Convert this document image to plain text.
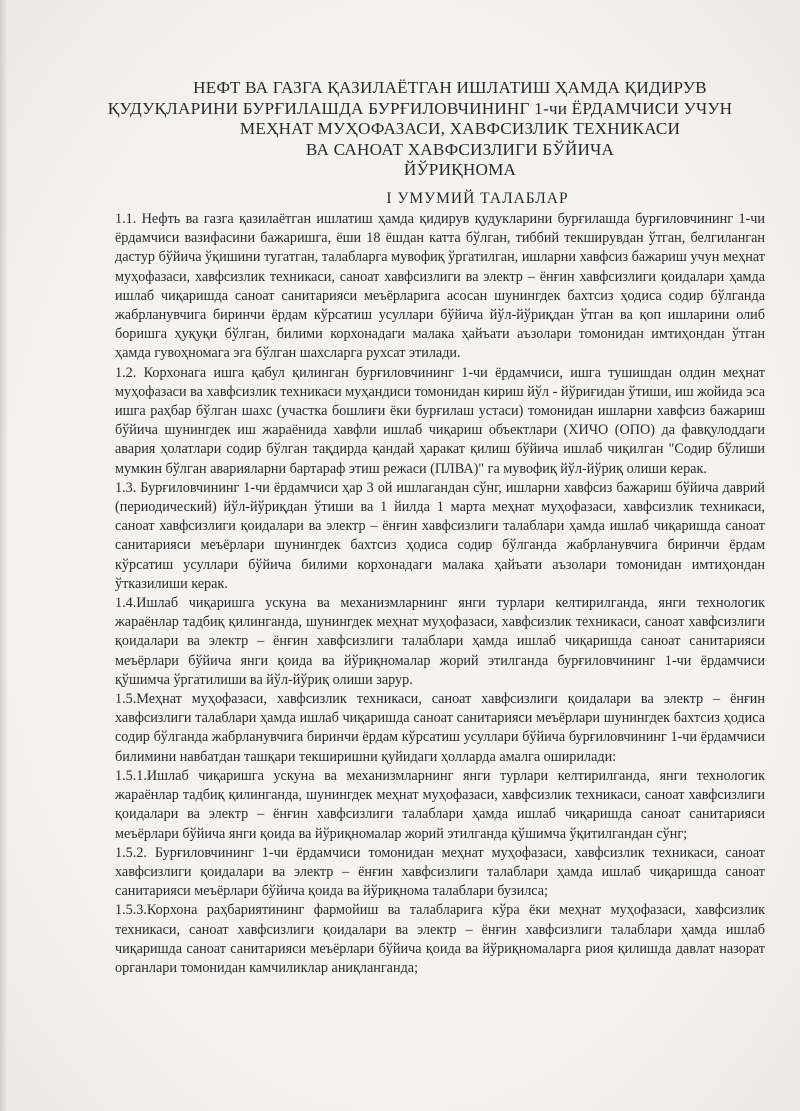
НЕФТ ВА ГАЗГА ҚАЗИЛАЁТГАН ИШЛАТИШ ҲАМДА ҚИДИРУВ
ҚУДУҚЛАРИНИ БУРҒИЛАШДА БУРҒИЛОВЧИНИНГ 1-чи ЁРДАМЧИСИ УЧУН
МЕҲНАТ МУҲОФАЗАСИ, ХАВФСИЗЛИК ТЕХНИКАСИ
ВА САНОАТ ХАВФСИЗЛИГИ БЎЙИЧА
ЙЎРИҚНОМА
I УМУМИЙ ТАЛАБЛАР

1.1. Нефть ва газга қазилаётган ишлатиш ҳамда қидирув қудукларини бурғилашда бурғиловчининг 1-чи ёрдамчиси вазифасини бажаришга, ёши 18 ёшдан катта бўлган, тиббий текширувдан ўтган, белгиланган дастур бўйича ўқишини тугатган, талабларга мувофиқ ўргатилган, ишларни хавфсиз бажариш учун меҳнат муҳофазаси, хавфсизлик техникаси, саноат хавфсизлиги ва электр – ёнғин хавфсизлиги қоидалари ҳамда ишлаб чиқаришда саноат санитарияси меъёрларига асосан шунингдек бахтсиз ҳодиса содир бўлганда жабрланувчига биринчи ёрдам кўрсатиш усуллари бўйича йўл-йўриқдан ўтган ва қоп ишларини олиб боришга ҳуқуқи бўлган, билими корхонадаги малака ҳайъати аъзолари томонидан имтиҳондан ўтган ҳамда гувоҳномага эга бўлган шахсларга рухсат этилади.

1.2. Корхонага ишга қабул қилинган бурғиловчининг 1-чи ёрдамчиси, ишга тушишдан олдин меҳнат муҳофазаси ва хавфсизлик техникаси муҳандиси томонидан кириш йўл - йўриғидан ўтиши, иш жойида эса ишга раҳбар бўлган шахс (участка бошлиғи ёки бурғилаш устаси) томонидан ишларни хавфсиз бажариш бўйича шунингдек иш жараёнида хавфли ишлаб чиқариш объектлари (ХИЧО (ОПО) да фавқулоддаги авария ҳолатлари содир бўлган тақдирда қандай ҳаракат қилиш бўйича ишлаб чиқилган "Содир бўлиши мумкин бўлган аварияларни бартараф этиш режаси (ПЛВА)" га мувофиқ йўл-йўриқ олиши керак.

1.3. Бурғиловчининг 1-чи ёрдамчиси ҳар 3 ой ишлагандан сўнг, ишларни хавфсиз бажариш бўйича даврий (периодический) йўл-йўриқдан ўтиши ва 1 йилда 1 марта меҳнат муҳофазаси, хавфсизлик техникаси, саноат хавфсизлиги қоидалари ва электр – ёнғин хавфсизлиги талаблари ҳамда ишлаб чиқаришда саноат санитарияси меъёрлари шунингдек бахтсиз ҳодиса содир бўлганда жабрланувчига биринчи ёрдам кўрсатиш усуллари бўйича билими корхонадаги малака ҳайъати аъзолари томонидан имтиҳондан ўтказилиши керак.

1.4.Ишлаб чиқаришга ускуна ва механизмларнинг янги турлари келтирилганда, янги технологик жараёнлар тадбиқ қилинганда, шунингдек меҳнат муҳофазаси, хавфсизлик техникаси, саноат хавфсизлиги қоидалари ва электр – ёнғин хавфсизлиги талаблари ҳамда ишлаб чиқаришда саноат санитарияси меъёрлари бўйича янги қоида ва йўриқномалар жорий этилганда бурғиловчининг 1-чи ёрдамчиси қўшимча ўргатилиши ва йўл-йўриқ олиши зарур.

1.5.Меҳнат муҳофазаси, хавфсизлик техникаси, саноат хавфсизлиги қоидалари ва электр – ёнғин хавфсизлиги талаблари ҳамда ишлаб чиқаришда саноат санитарияси меъёрлари шунингдек бахтсиз ҳодиса содир бўлганда жабрланувчига биринчи ёрдам кўрсатиш усуллари бўйича бурғиловчининг 1-чи ёрдамчиси билимини навбатдан ташқари текширишни қуйидаги ҳолларда амалга оширилади:

1.5.1.Ишлаб чиқаришга ускуна ва механизмларнинг янги турлари келтирилганда, янги технологик жараёнлар тадбиқ қилинганда, шунингдек меҳнат муҳофазаси, хавфсизлик техникаси, саноат хавфсизлиги қоидалари ва электр – ёнғин хавфсизлиги талаблари ҳамда ишлаб чиқаришда саноат санитарияси меъёрлари бўйича янги қоида ва йўриқномалар жорий этилганда қўшимча ўқитилгандан сўнг;

1.5.2. Бурғиловчининг 1-чи ёрдамчиси томонидан меҳнат муҳофазаси, хавфсизлик техникаси, саноат хавфсизлиги қоидалари ва электр – ёнғин хавфсизлиги талаблари ҳамда ишлаб чиқаришда саноат санитарияси меъёрлари бўйича қоида ва йўриқнома талаблари бузилса;

1.5.3.Корхона раҳбариятининг фармойиш ва талабларига кўра ёки меҳнат муҳофазаси, хавфсизлик техникаси, саноат хавфсизлиги қоидалари ва электр – ёнғин хавфсизлиги талаблари ҳамда ишлаб чиқаришда саноат санитарияси меъёрлари бўйича қоида ва йўриқномаларга риоя қилишда давлат назорат органлари томонидан камчиликлар аниқланганда;
